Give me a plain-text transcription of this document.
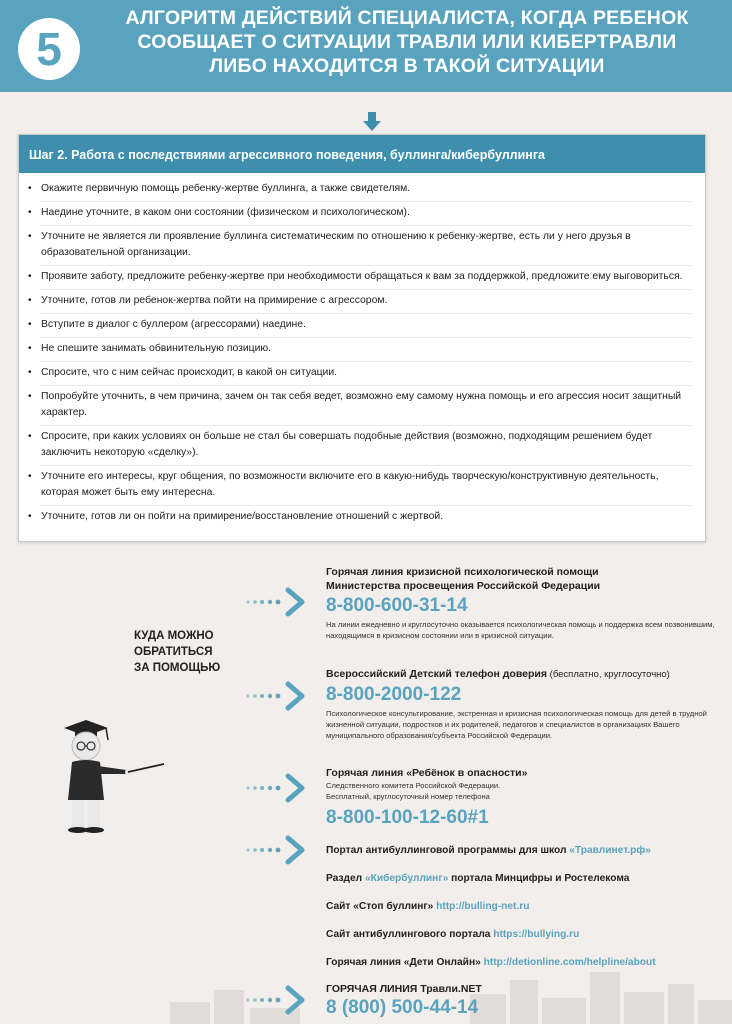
5
АЛГОРИТМ ДЕЙСТВИЙ СПЕЦИАЛИСТА, КОГДА РЕБЕНОК
СООБЩАЕТ О СИТУАЦИИ ТРАВЛИ ИЛИ КИБЕРТРАВЛИ
ЛИБО НАХОДИТСЯ В ТАКОЙ СИТУАЦИИ
Шаг 2. Работа с последствиями агрессивного поведения, буллинга/кибербуллинга
• Окажите первичную помощь ребенку-жертве буллинга, а также свидетелям.
• Наедине уточните, в каком они состоянии (физическом и психологическом).
• Уточните не является ли проявление буллинга систематическим по отношению к ребенку-жертве, есть ли у него друзья в образовательной организации.
• Проявите заботу, предложите ребенку-жертве при необходимости обращаться к вам за поддержкой, предложите ему выговориться.
• Уточните, готов ли ребенок-жертва пойти на примирение с агрессором.
• Вступите в диалог с буллером (агрессорами) наедине.
• Не спешите занимать обвинительную позицию.
• Спросите, что с ним сейчас происходит, в какой он ситуации.
• Попробуйте уточнить, в чем причина, зачем он так себя ведет, возможно ему самому нужна помощь и его агрессия носит защитный характер.
• Спросите, при каких условиях он больше не стал бы совершать подобные действия (возможно, подходящим решением будет заключить некоторую «сделку»).
• Уточните его интересы, круг общения, по возможности включите его в какую-нибудь творческую/конструктивную деятельность, которая может быть ему интересна.
• Уточните, готов ли он пойти на примирение/восстановление отношений с жертвой.
КУДА МОЖНО
ОБРАТИТЬСЯ
ЗА ПОМОЩЬЮ
Горячая линия кризисной психологической помощи
Министерства просвещения Российской Федерации
8-800-600-31-14
На линии ежедневно и круглосуточно оказывается психологическая помощь и поддержка всем позвонившим, находящимся в кризисном состоянии или в кризисной ситуации.
Всероссийский Детский телефон доверия (бесплатно, круглосуточно)
8-800-2000-122
Психологическое консультирование, экстренная и кризисная психологическая помощь для детей в трудной жизненной ситуации, подростков и их родителей, педагогов и специалистов в организациях Вашего муниципального образования/субъекта Российской Федерации.
Горячая линия «Ребёнок в опасности»
Следственного комитета Российской Федерации.
Бесплатный, круглосуточный номер телефона
8-800-100-12-60#1
Портал антибуллинговой программы для школ «Травлинет.рф»
Раздел «Кибербуллинг» портала Минцифры и Ростелекома
Сайт «Стоп буллинг» http://bulling-net.ru
Сайт антибуллингового портала https://bullying.ru
Горячая линия «Дети Онлайн» http://detionline.com/helpline/about
ГОРЯЧАЯ ЛИНИЯ Травли.NET
8 (800) 500-44-14
